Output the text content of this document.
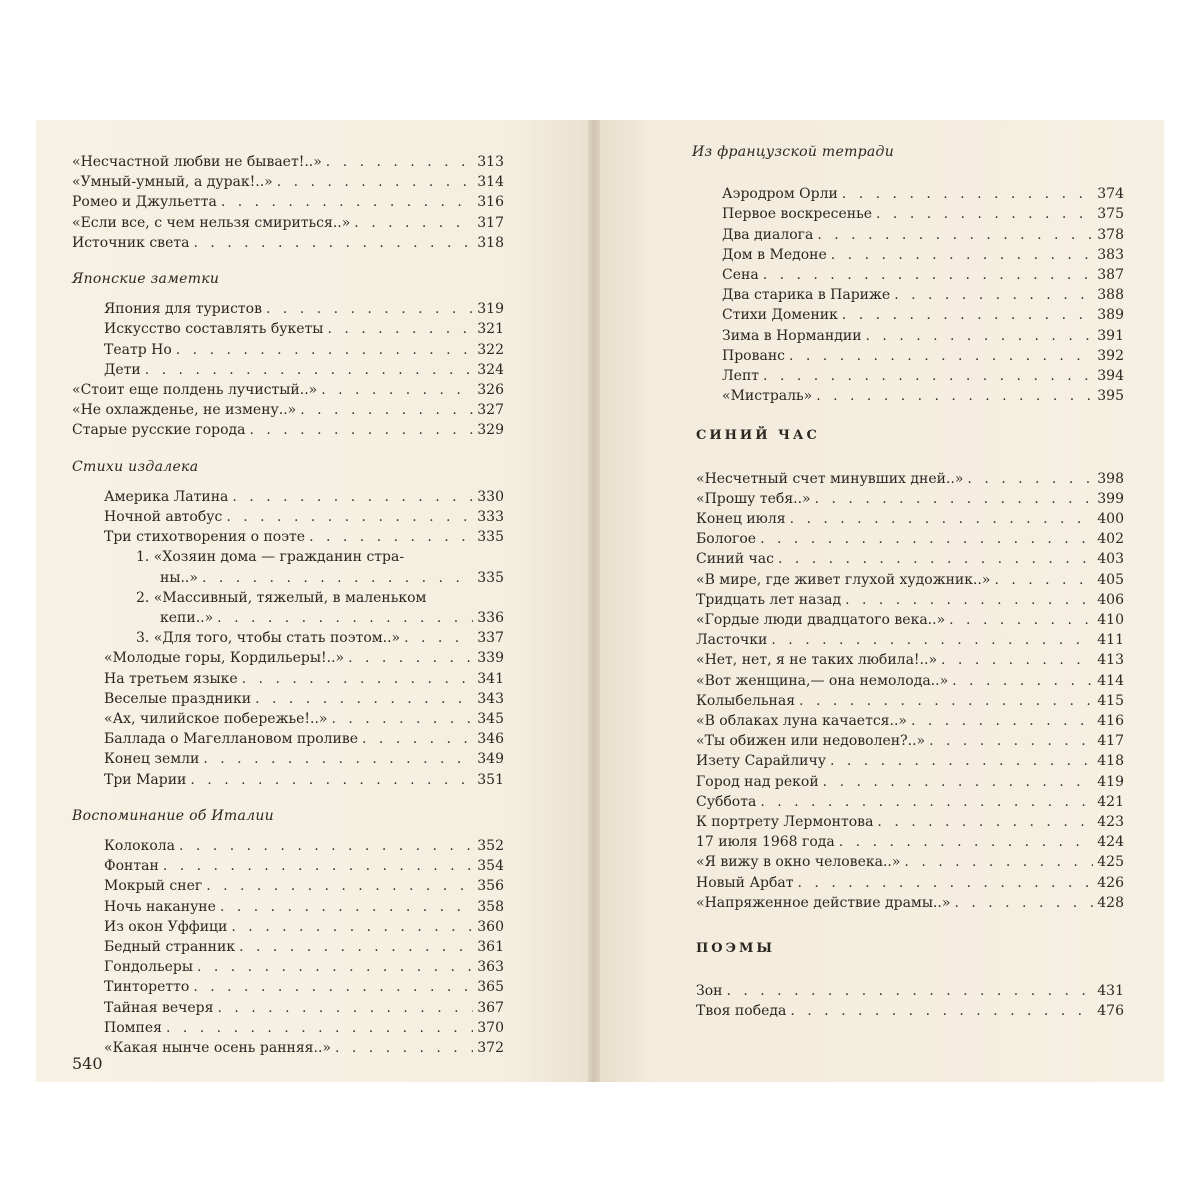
«Несчастной любви не бывает!..» . . .	313
«Умный-умный, а дурак!..» . . .	314
Ромео и Джульетта . . .	316
«Если все, с чем нельзя смириться..» . . .	317
Источник света . . .	318
Японские заметки
Япония для туристов . . .	319
Искусство составлять букеты . . .	321
Театр Но . . .	322
Дети . . .	324
«Стоит еще полдень лучистый..» . . .	326
«Не охлажденье, не измену..» . . .	327
Старые русские города . . .	329
Стихи издалека
Америка Латина . . .	330
Ночной автобус . . .	333
Три стихотворения о поэте . . .	335
1. «Хозяин дома — гражданин стра-
ны..» . . .	335
2. «Массивный, тяжелый, в маленьком
кепи..» . . .	336
3. «Для того, чтобы стать поэтом..» . . .	337
«Молодые горы, Кордильеры!..» . . .	339
На третьем языке . . .	341
Веселые праздники . . .	343
«Ах, чилийское побережье!..» . . .	345
Баллада о Магеллановом проливе . . .	346
Конец земли . . .	349
Три Марии . . .	351
Воспоминание об Италии
Колокола . . .	352
Фонтан . . .	354
Мокрый снег . . .	356
Ночь накануне . . .	358
Из окон Уффици . . .	360
Бедный странник . . .	361
Гондольеры . . .	363
Тинторетто . . .	365
Тайная вечеря . . .	367
Помпея . . .	370
«Какая нынче осень ранняя..» . . .	372
Из французской тетради
Аэродром Орли . . .	374
Первое воскресенье . . .	375
Два диалога . . .	378
Дом в Медоне . . .	383
Сена . . .	387
Два старика в Париже . . .	388
Стихи Доменик . . .	389
Зима в Нормандии . . .	391
Прованс . . .	392
Лепт . . .	394
«Мистраль» . . .	395
СИНИЙ ЧАС
«Несчетный счет минувших дней..» . . .	398
«Прошу тебя..» . . .	399
Конец июля . . .	400
Бологое . . .	402
Синий час . . .	403
«В мире, где живет глухой художник..» . . .	405
Тридцать лет назад . . .	406
«Гордые люди двадцатого века..» . . .	410
Ласточки . . .	411
«Нет, нет, я не таких любила!..» . . .	413
«Вот женщина,— она немолода..» . . .	414
Колыбельная . . .	415
«В облаках луна качается..» . . .	416
«Ты обижен или недоволен?..» . . .	417
Изету Сарайличу . . .	418
Город над рекой . . .	419
Суббота . . .	421
К портрету Лермонтова . . .	423
17 июля 1968 года . . .	424
«Я вижу в окно человека..» . . .	425
Новый Арбат . . .	426
«Напряженное действие драмы..» . . .	428
ПОЭМЫ
Зон . . .	431
Твоя победа . . .	476
540
